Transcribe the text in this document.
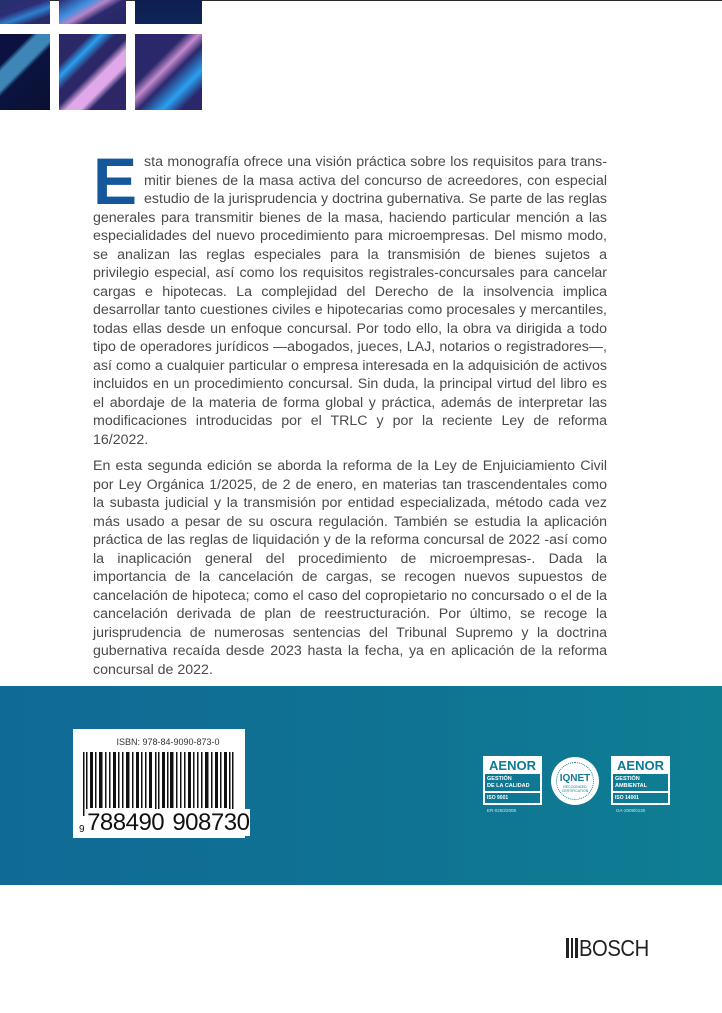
Esta monografía ofrece una visión práctica sobre los requisitos para transmitir bienes de la masa activa del concurso de acreedores, con especial estudio de la jurisprudencia y doctrina gubernativa. Se parte de las reglas generales para transmitir bienes de la masa, haciendo particular mención a las especialidades del nuevo procedimiento para microempresas. Del mismo modo, se analizan las reglas especiales para la transmisión de bienes sujetos a privilegio especial, así como los requisitos registrales-concursales para cancelar cargas e hipotecas. La complejidad del Derecho de la insolvencia implica desarrollar tanto cuestiones civiles e hipotecarias como procesales y mercantiles, todas ellas desde un enfoque concursal. Por todo ello, la obra va dirigida a todo tipo de operadores jurídicos —abogados, jueces, LAJ, notarios o registradores—, así como a cualquier particular o empresa interesada en la adquisición de activos incluidos en un procedimiento concursal. Sin duda, la principal virtud del libro es el abordaje de la materia de forma global y práctica, además de interpretar las modificaciones introducidas por el TRLC y por la reciente Ley de reforma 16/2022.

En esta segunda edición se aborda la reforma de la Ley de Enjuiciamiento Civil por Ley Orgánica 1/2025, de 2 de enero, en materias tan trascendentales como la subasta judicial y la transmisión por entidad especializada, método cada vez más usado a pesar de su oscura regulación. También se estudia la aplicación práctica de las reglas de liquidación y de la reforma concursal de 2022 -así como la inaplicación general del procedimiento de microempresas-. Dada la importancia de la cancelación de cargas, se recogen nuevos supuestos de cancelación de hipoteca; como el caso del copropietario no concursado o el de la cancelación derivada de plan de reestructuración. Por último, se recoge la jurisprudencia de numerosas sentencias del Tribunal Supremo y la doctrina gubernativa recaída desde 2023 hasta la fecha, ya en aplicación de la reforma concursal de 2022.

ISBN: 978-84-9090-873-0
9 788490 908730
AENOR
GESTIÓN
DE LA CALIDAD
ISO 9001
ER-0260/2009
IQNET
RECOGNIZED
CERTIFICATION
AENOR
GESTIÓN
AMBIENTAL
ISO 14001
GA-2009/0130
BOSCH
